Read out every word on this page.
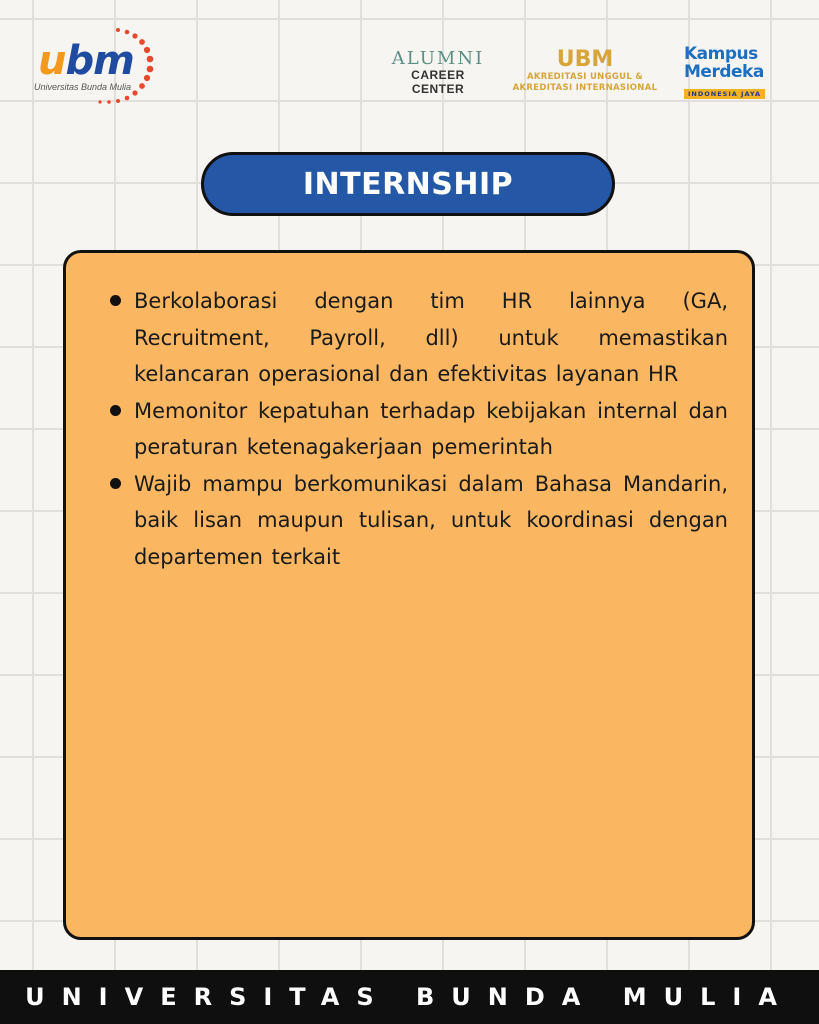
ubm
Universitas Bunda Mulia
ALUMNI
CAREER CENTER
UBM
AKREDITASI UNGGUL &
AKREDITASI INTERNASIONAL
Kampus
Merdeka
INDONESIA JAYA
INTERNSHIP
Berkolaborasi dengan tim HR lainnya (GA, Recruitment, Payroll, dll) untuk memastikan kelancaran operasional dan efektivitas layanan HR
Memonitor kepatuhan terhadap kebijakan internal dan peraturan ketenagakerjaan pemerintah
Wajib mampu berkomunikasi dalam Bahasa Mandarin, baik lisan maupun tulisan, untuk koordinasi dengan departemen terkait
UNIVERSITAS BUNDA MULIA
